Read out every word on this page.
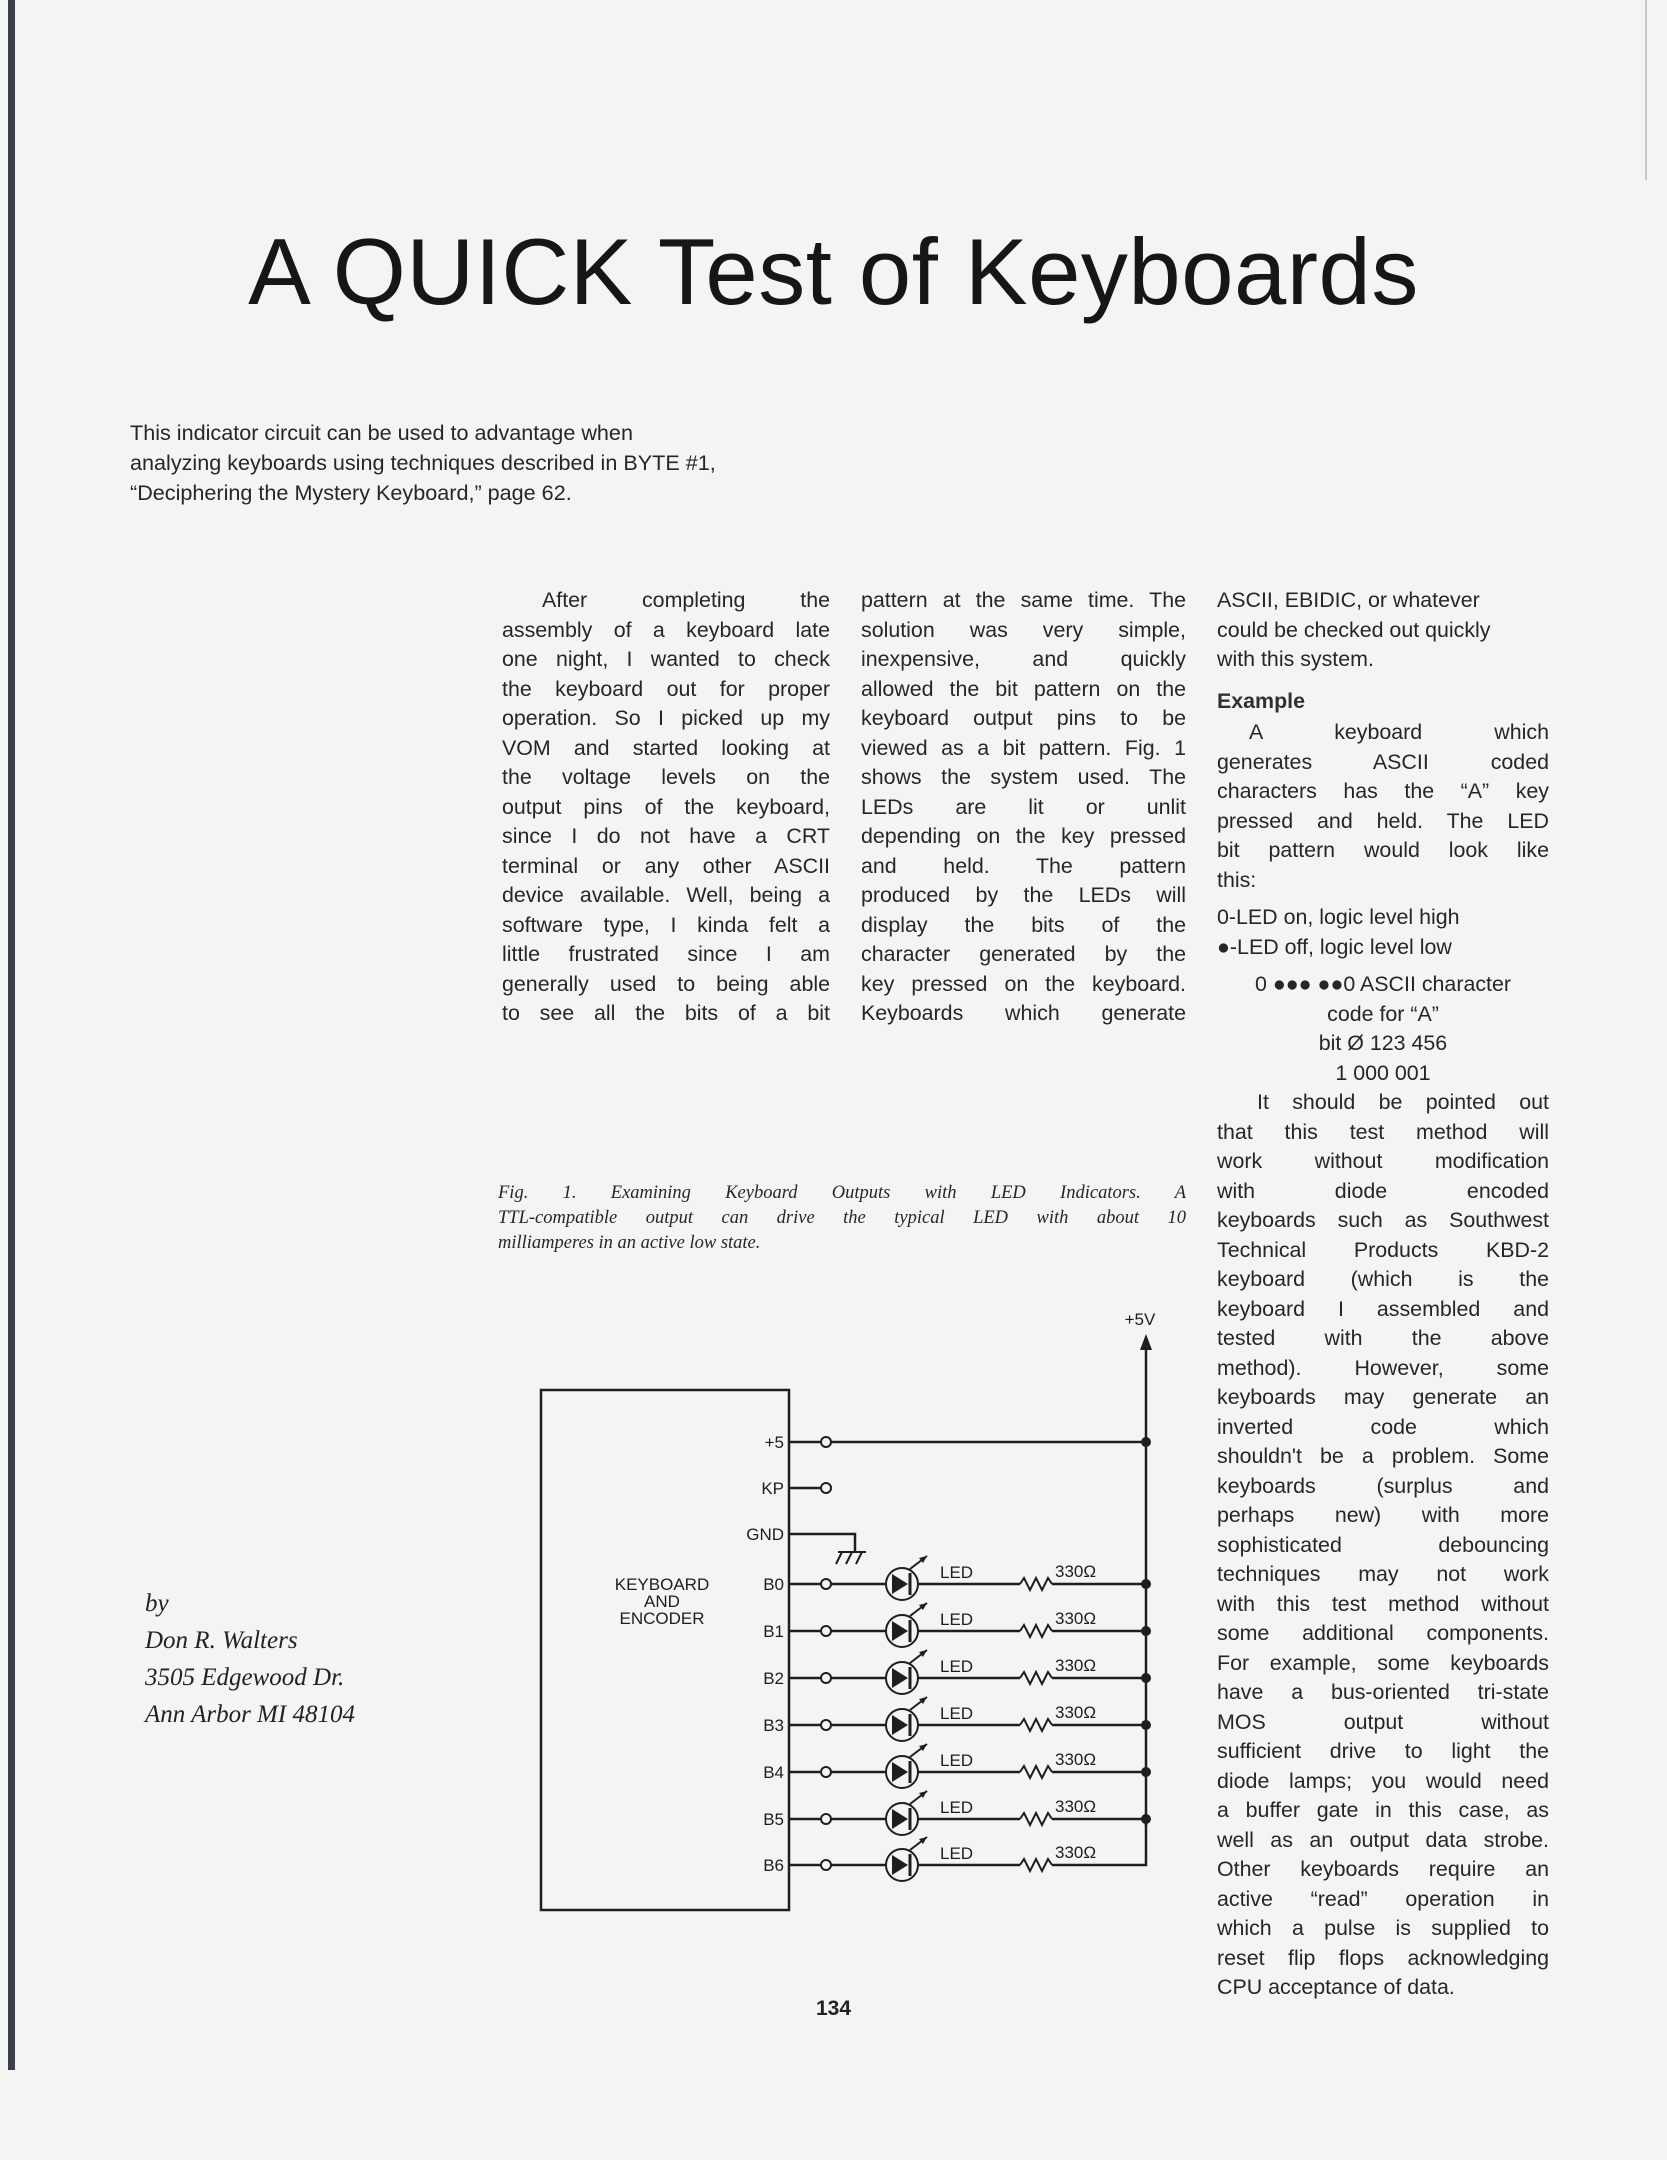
A QUICK Test of Keyboards
This indicator circuit can be used to advantage when
analyzing keyboards using techniques described in BYTE #1,
“Deciphering the Mystery Keyboard,” page 62.
After completing the
assembly of a keyboard late
one night, I wanted to check
the keyboard out for proper
operation. So I picked up my
VOM and started looking at
the voltage levels on the
output pins of the keyboard,
since I do not have a CRT
terminal or any other ASCII
device available. Well, being a
software type, I kinda felt a
little frustrated since I am
generally used to being able
to see all the bits of a bit
pattern at the same time. The
solution was very simple,
inexpensive, and quickly
allowed the bit pattern on the
keyboard output pins to be
viewed as a bit pattern. Fig. 1
shows the system used. The
LEDs are lit or unlit
depending on the key pressed
and held. The pattern
produced by the LEDs will
display the bits of the
character generated by the
key pressed on the keyboard.
Keyboards which generate
ASCII, EBIDIC, or whatever
could be checked out quickly
with this system.
Example
A keyboard which
generates ASCII coded
characters has the “A” key
pressed and held. The LED
bit pattern would look like
this:
0-LED on, logic level high
●-LED off, logic level low
0 ●●● ●●0 ASCII character
code for “A”
bit Ø 123 456
1 000 001
It should be pointed out
that this test method will
work without modification
with diode encoded
keyboards such as Southwest
Technical Products KBD-2
keyboard (which is the
keyboard I assembled and
tested with the above
method). However, some
keyboards may generate an
inverted code which
shouldn't be a problem. Some
keyboards (surplus and
perhaps new) with more
sophisticated debouncing
techniques may not work
with this test method without
some additional components.
For example, some keyboards
have a bus-oriented tri-state
MOS output without
sufficient drive to light the
diode lamps; you would need
a buffer gate in this case, as
well as an output data strobe.
Other keyboards require an
active “read” operation in
which a pulse is supplied to
reset flip flops acknowledging
CPU acceptance of data.
Fig. 1. Examining Keyboard Outputs with LED Indicators. A
TTL-compatible output can drive the typical LED with about 10
milliamperes in an active low state.
+5V
KEYBOARD
AND
ENCODER
+5
KP
GND
B0
LED	330Ω
B1
LED	330Ω
B2
LED	330Ω
B3
LED	330Ω
B4
LED	330Ω
B5
LED	330Ω
B6
LED	330Ω
by
Don R. Walters
3505 Edgewood Dr.
Ann Arbor MI 48104
134
